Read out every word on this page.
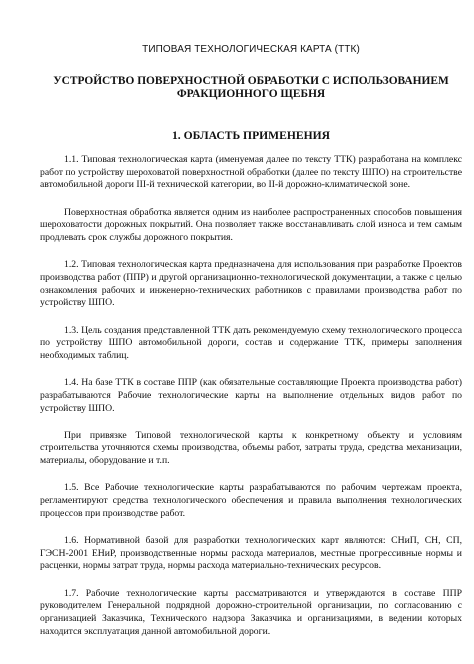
ТИПОВАЯ ТЕХНОЛОГИЧЕСКАЯ КАРТА (ТТК)
УСТРОЙСТВО ПОВЕРХНОСТНОЙ ОБРАБОТКИ С ИСПОЛЬЗОВАНИЕМ ФРАКЦИОННОГО ЩЕБНЯ
1. ОБЛАСТЬ ПРИМЕНЕНИЯ

1.1. Типовая технологическая карта (именуемая далее по тексту ТТК) разработана на комплекс работ по устройству шероховатой поверхностной обработки (далее по тексту ШПО) на строительстве автомобильной дороги III-й технической категории, во II-й дорожно-климатической зоне.

Поверхностная обработка является одним из наиболее распространенных способов повышения шероховатости дорожных покрытий. Она позволяет также восстанавливать слой износа и тем самым продлевать срок службы дорожного покрытия.

1.2. Типовая технологическая карта предназначена для использования при разработке Проектов производства работ (ППР) и другой организационно-технологической документации, а также с целью ознакомления рабочих и инженерно-технических работников с правилами производства работ по устройству ШПО.

1.3. Цель создания представленной ТТК дать рекомендуемую схему технологического процесса по устройству ШПО автомобильной дороги, состав и содержание ТТК, примеры заполнения необходимых таблиц.

1.4. На базе ТТК в составе ППР (как обязательные составляющие Проекта производства работ) разрабатываются Рабочие технологические карты на выполнение отдельных видов работ по устройству ШПО.

При привязке Типовой технологической карты к конкретному объекту и условиям строительства уточняются схемы производства, объемы работ, затраты труда, средства механизации, материалы, оборудование и т.п.

1.5. Все Рабочие технологические карты разрабатываются по рабочим чертежам проекта, регламентируют средства технологического обеспечения и правила выполнения технологических процессов при производстве работ.

1.6. Нормативной базой для разработки технологических карт являются: СНиП, СН, СП, ГЭСН-2001 ЕНиР, производственные нормы расхода материалов, местные прогрессивные нормы и расценки, нормы затрат труда, нормы расхода материально-технических ресурсов.

1.7. Рабочие технологические карты рассматриваются и утверждаются в составе ППР руководителем Генеральной подрядной дорожно-строительной организации, по согласованию с организацией Заказчика, Технического надзора Заказчика и организациями, в ведении которых находится эксплуатация данной автомобильной дороги.
